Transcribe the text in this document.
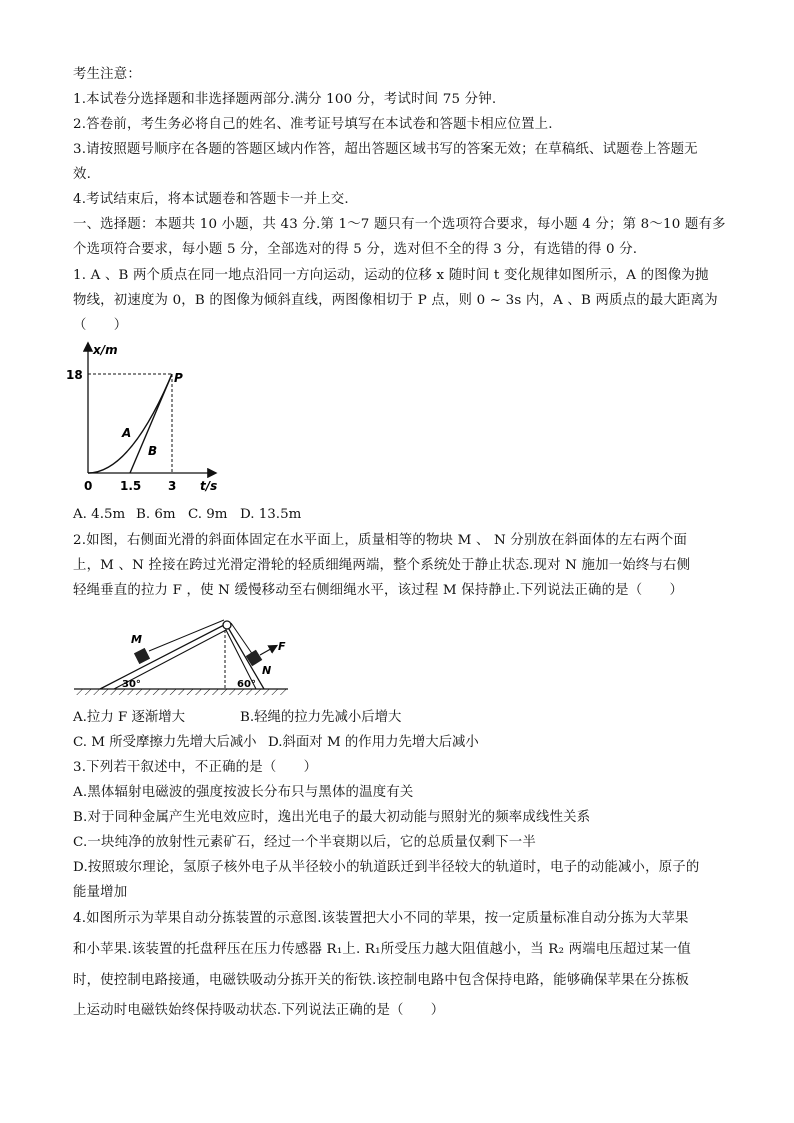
考生注意：
1.本试卷分选择题和非选择题两部分.满分 100 分，考试时间 75 分钟.
2.答卷前，考生务必将自己的姓名、准考证号填写在本试卷和答题卡相应位置上.
3.请按照题号顺序在各题的答题区域内作答，超出答题区域书写的答案无效；在草稿纸、试题卷上答题无
效.
4.考试结束后，将本试题卷和答题卡一并上交.
一、选择题：本题共 10 小题，共 43 分.第 1～7 题只有一个选项符合要求，每小题 4 分；第 8～10 题有多
个选项符合要求，每小题 5 分，全部选对的得 5 分，选对但不全的得 3 分，有选错的得 0 分.
1. A 、B 两个质点在同一地点沿同一方向运动，运动的位移 x 随时间 t 变化规律如图所示，A 的图像为抛
物线，初速度为 0，B 的图像为倾斜直线，两图像相切于 P 点，则 0 ~ 3s 内，A 、B 两质点的最大距离为
（　　）
x/m
t/s
0
18
1.5 3
P
A
B
A. 4.5m B. 6m C. 9m D. 13.5m
2.如图，右侧面光滑的斜面体固定在水平面上，质量相等的物块 M 、 N 分别放在斜面体的左右两个面
上，M 、N 拴接在跨过光滑定滑轮的轻质细绳两端，整个系统处于静止状态.现对 N 施加一始终与右侧
轻绳垂直的拉力 F ，使 N 缓慢移动至右侧细绳水平，该过程 M 保持静止.下列说法正确的是（　　）
M
N
F
30°	60°
A.拉力 F 逐渐增大	B.轻绳的拉力先减小后增大
C. M 所受摩擦力先增大后减小 D.斜面对 M 的作用力先增大后减小
3.下列若干叙述中，不正确的是（　　）
A.黑体辐射电磁波的强度按波长分布只与黑体的温度有关
B.对于同种金属产生光电效应时，逸出光电子的最大初动能与照射光的频率成线性关系
C.一块纯净的放射性元素矿石，经过一个半衰期以后，它的总质量仅剩下一半
D.按照玻尔理论，氢原子核外电子从半径较小的轨道跃迁到半径较大的轨道时，电子的动能减小，原子的
能量增加
4.如图所示为苹果自动分拣装置的示意图.该装置把大小不同的苹果，按一定质量标准自动分拣为大苹果
和小苹果.该装置的托盘秤压在压力传感器 R₁上. R₁所受压力越大阻值越小，当 R₂ 两端电压超过某一值
时，使控制电路接通，电磁铁吸动分拣开关的衔铁.该控制电路中包含保持电路，能够确保苹果在分拣板
上运动时电磁铁始终保持吸动状态.下列说法正确的是（　　）
